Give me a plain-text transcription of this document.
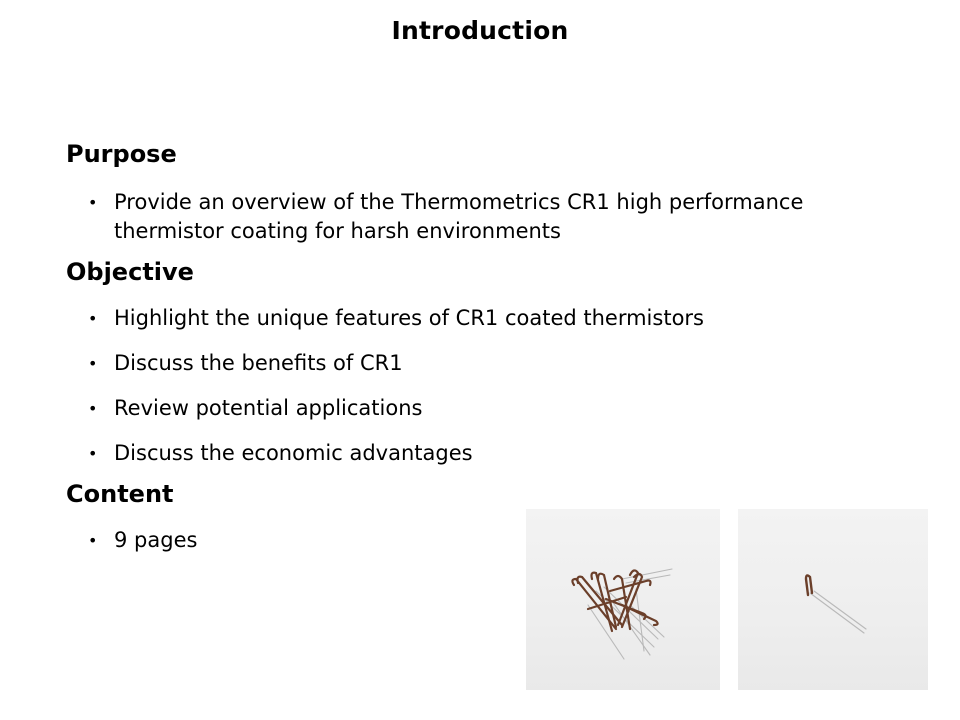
Introduction
Purpose
• Provide an overview of the Thermometrics CR1 high performance thermistor coating for harsh environments
Objective
• Highlight the unique features of CR1 coated thermistors
• Discuss the benefits of CR1
• Review potential applications
• Discuss the economic advantages
Content
• 9 pages
